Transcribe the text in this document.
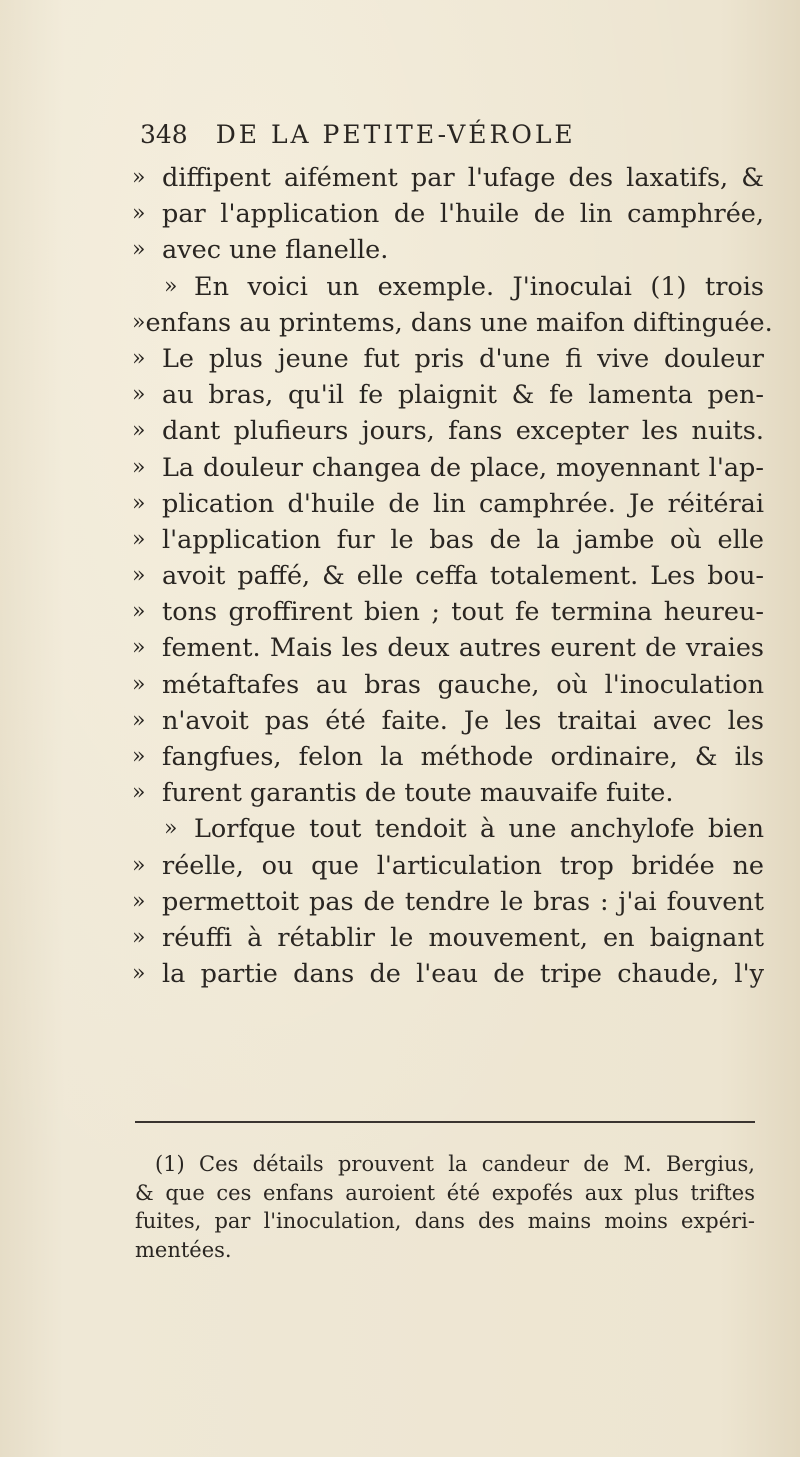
348 DE LA PETITE-VÉROLE
» diffipent aifément par l'ufage des laxatifs, &
» par l'application de l'huile de lin camphrée,
» avec une flanelle.
» En voici un exemple. J'inoculai (1) trois
» enfans au printems, dans une maifon diftinguée.
» Le plus jeune fut pris d'une fi vive douleur
» au bras, qu'il fe plaignit & fe lamenta pen-
» dant plufieurs jours, fans excepter les nuits.
» La douleur changea de place, moyennant l'ap-
» plication d'huile de lin camphrée. Je réitérai
» l'application fur le bas de la jambe où elle
» avoit paffé, & elle ceffa totalement. Les bou-
» tons groffirent bien ; tout fe termina heureu-
» fement. Mais les deux autres eurent de vraies
» métaftafes au bras gauche, où l'inoculation
» n'avoit pas été faite. Je les traitai avec les
» fangfues, felon la méthode ordinaire, & ils
» furent garantis de toute mauvaife fuite.
» Lorfque tout tendoit à une anchylofe bien
» réelle, ou que l'articulation trop bridée ne
» permettoit pas de tendre le bras : j'ai fouvent
» réuffi à rétablir le mouvement, en baignant
» la partie dans de l'eau de tripe chaude, l'y
(1) Ces détails prouvent la candeur de M. Bergius,
& que ces enfans auroient été expofés aux plus triftes
fuites, par l'inoculation, dans des mains moins expéri-
mentées.
